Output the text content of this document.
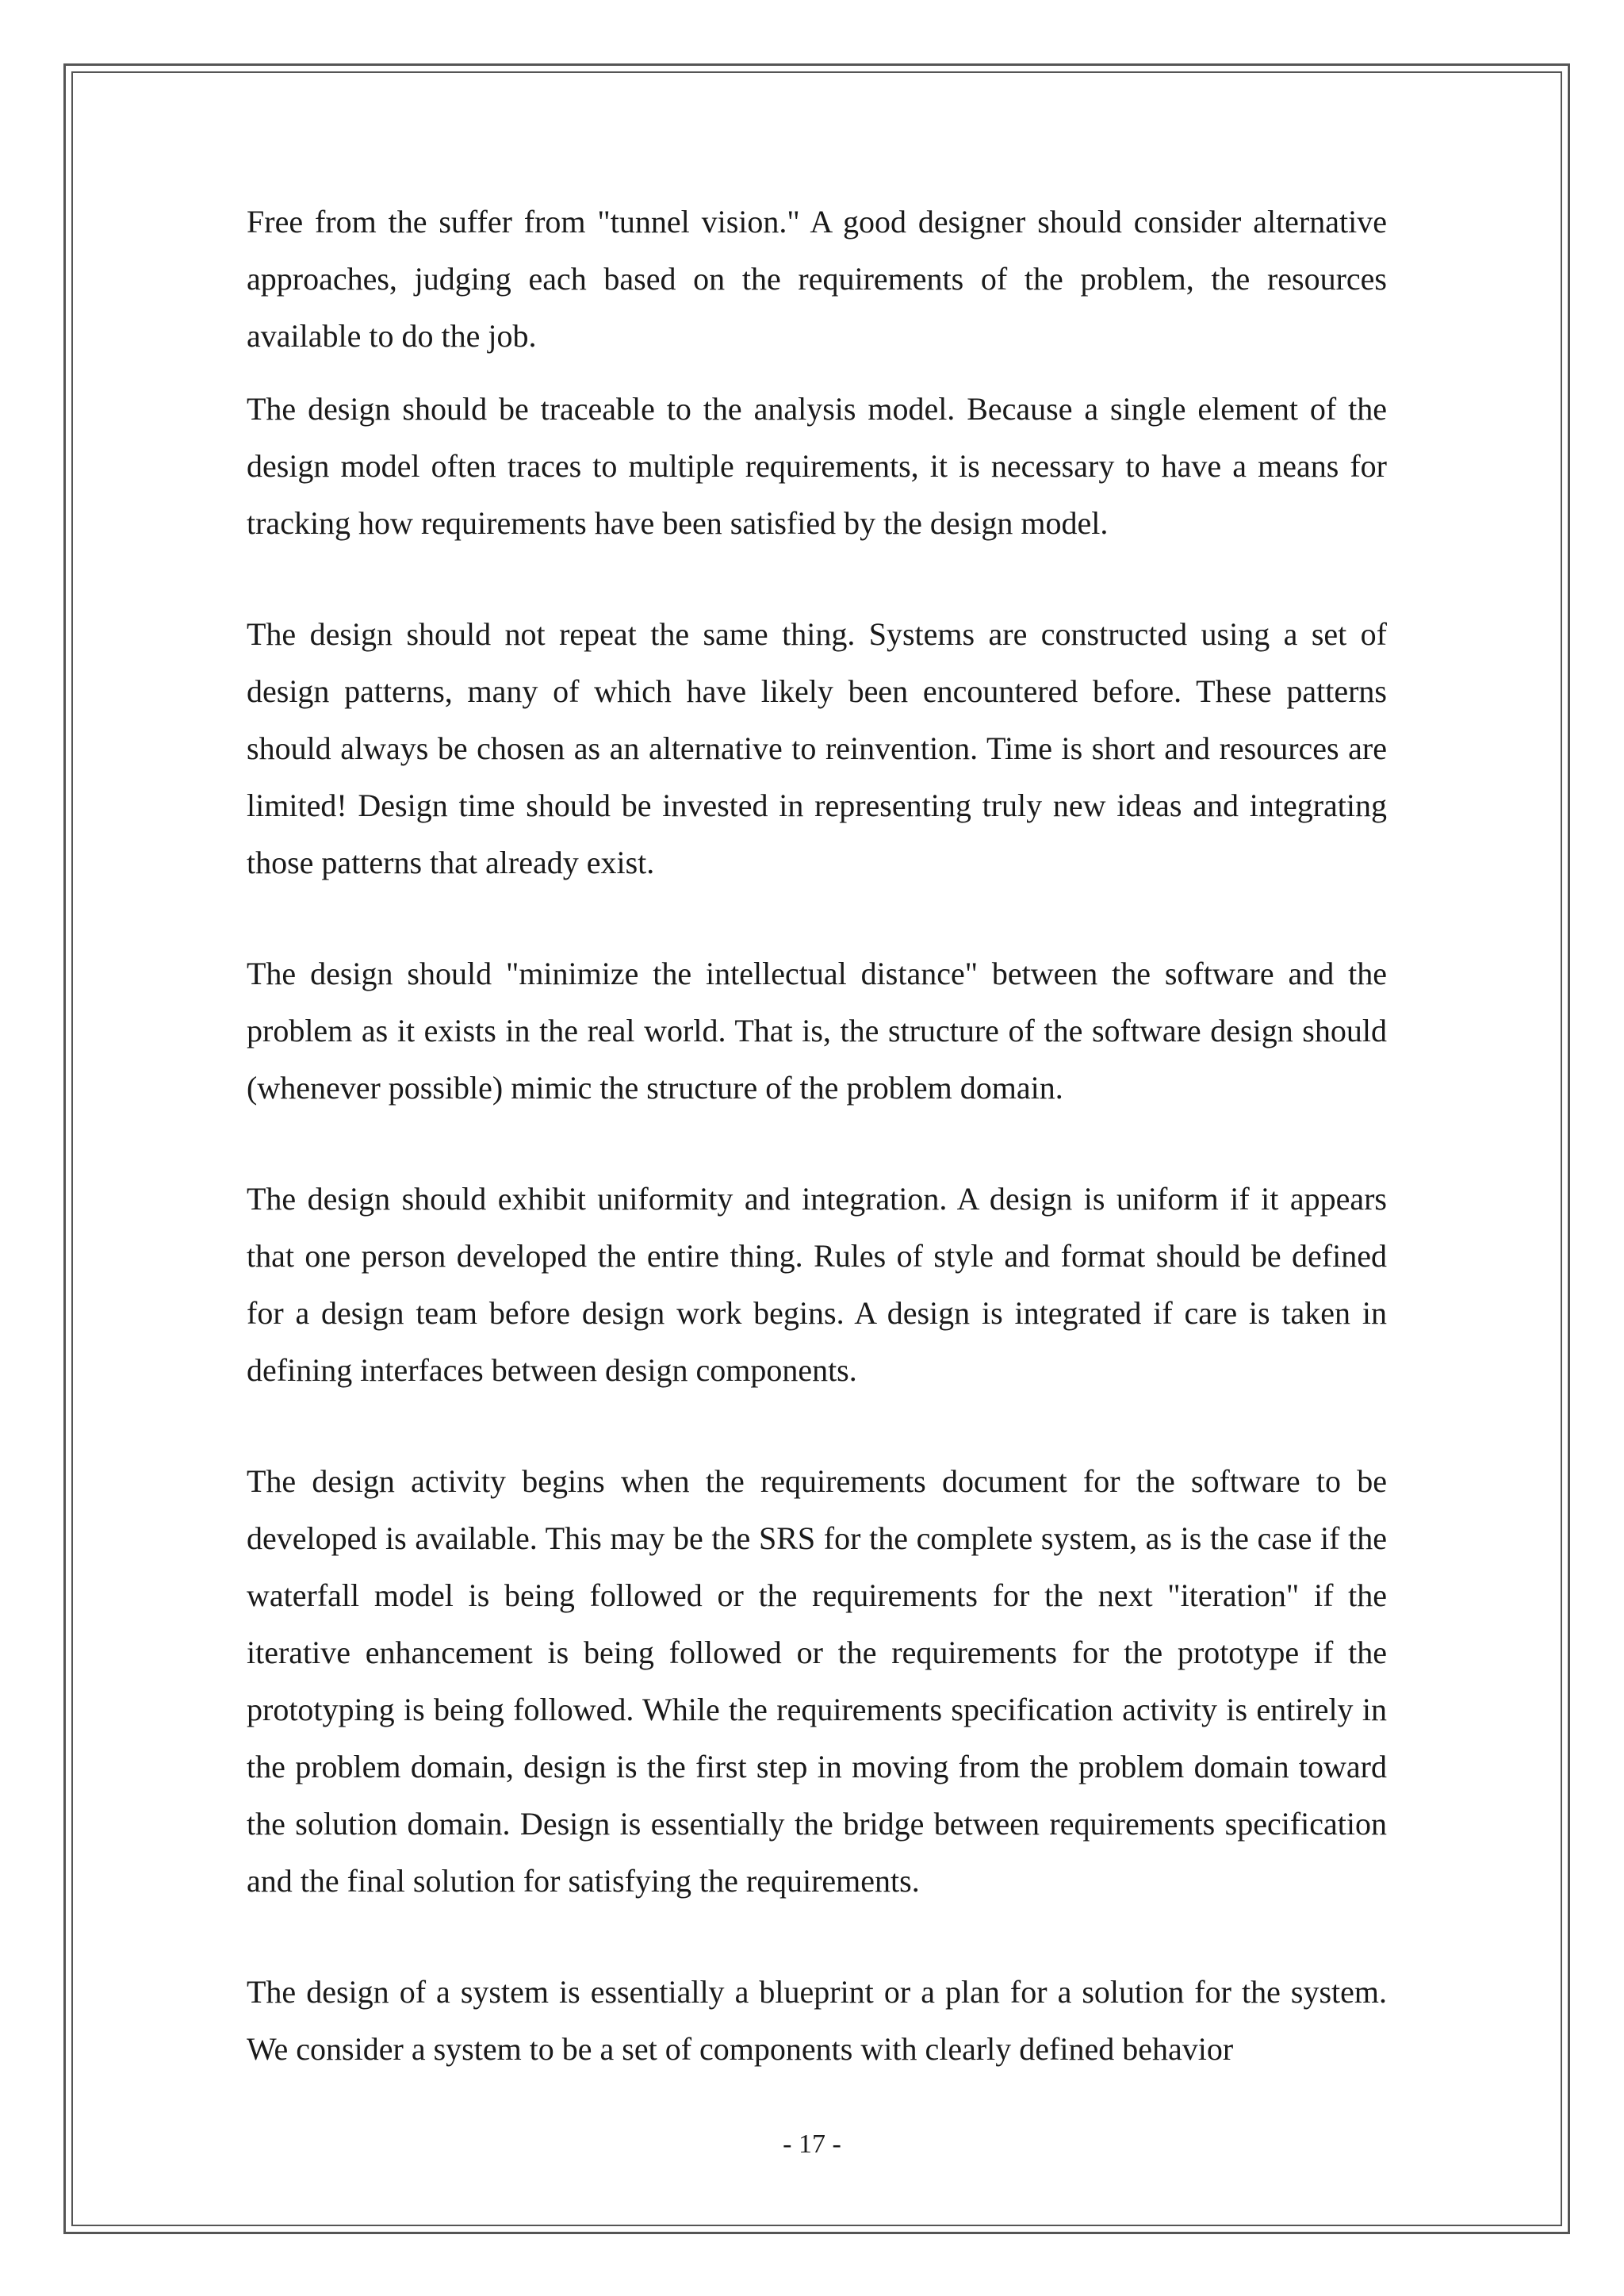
Free from the suffer from "tunnel vision." A good designer should consider alternative approaches, judging each based on the requirements of the problem, the resources available to do the job.

The design should be traceable to the analysis model. Because a single element of the design model often traces to multiple requirements, it is necessary to have a means for tracking how requirements have been satisfied by the design model.

The design should not repeat the same thing. Systems are constructed using a set of design patterns, many of which have likely been encountered before. These patterns should always be chosen as an alternative to reinvention. Time is short and resources are limited! Design time should be invested in representing truly new ideas and integrating those patterns that already exist.

The design should "minimize the intellectual distance" between the software and the problem as it exists in the real world. That is, the structure of the software design should (whenever possible) mimic the structure of the problem domain.

The design should exhibit uniformity and integration. A design is uniform if it appears that one person developed the entire thing. Rules of style and format should be defined for a design team before design work begins. A design is integrated if care is taken in defining interfaces between design components.

The design activity begins when the requirements document for the software to be developed is available. This may be the SRS for the complete system, as is the case if the waterfall model is being followed or the requirements for the next "iteration" if the iterative enhancement is being followed or the requirements for the prototype if the prototyping is being followed. While the requirements specification activity is entirely in the problem domain, design is the first step in moving from the problem domain toward the solution domain. Design is essentially the bridge between requirements specification and the final solution for satisfying the requirements.

The design of a system is essentially a blueprint or a plan for a solution for the system. We consider a system to be a set of components with clearly defined behavior

- 17 -
